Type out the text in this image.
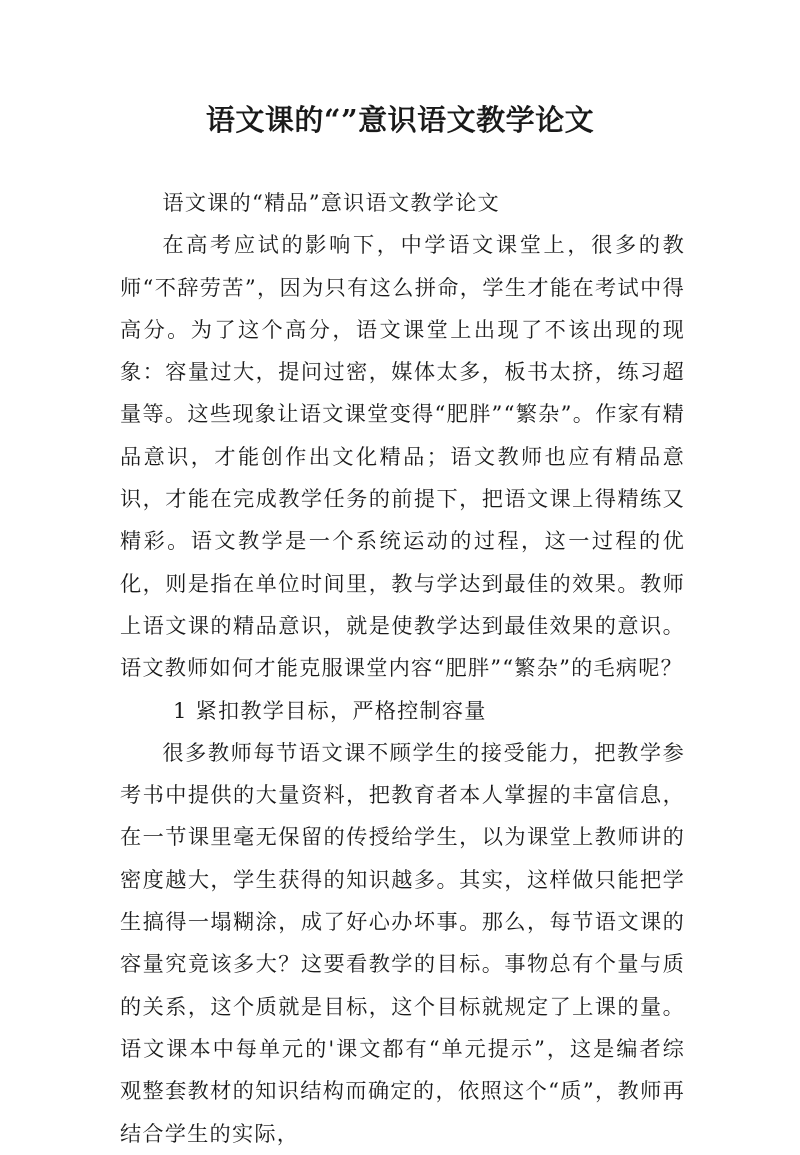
语文课的“”意识语文教学论文

语文课的“精品”意识语文教学论文

在高考应试的影响下，中学语文课堂上，很多的教师“不辞劳苦”，因为只有这么拼命，学生才能在考试中得高分。为了这个高分，语文课堂上出现了不该出现的现象：容量过大，提问过密，媒体太多，板书太挤，练习超量等。这些现象让语文课堂变得“肥胖”“繁杂”。作家有精品意识，才能创作出文化精品；语文教师也应有精品意识，才能在完成教学任务的前提下，把语文课上得精练又精彩。语文教学是一个系统运动的过程，这一过程的优化，则是指在单位时间里，教与学达到最佳的效果。教师上语文课的精品意识，就是使教学达到最佳效果的意识。语文教师如何才能克服课堂内容“肥胖”“繁杂”的毛病呢？

1 紧扣教学目标，严格控制容量

很多教师每节语文课不顾学生的接受能力，把教学参考书中提供的大量资料，把教育者本人掌握的丰富信息，在一节课里毫无保留的传授给学生，以为课堂上教师讲的密度越大，学生获得的知识越多。其实，这样做只能把学生搞得一塌糊涂，成了好心办坏事。那么，每节语文课的容量究竟该多大？这要看教学的目标。事物总有个量与质的关系，这个质就是目标，这个目标就规定了上课的量。语文课本中每单元的'课文都有“单元提示”，这是编者综观整套教材的知识结构而确定的，依照这个“质”，教师再结合学生的实际，
